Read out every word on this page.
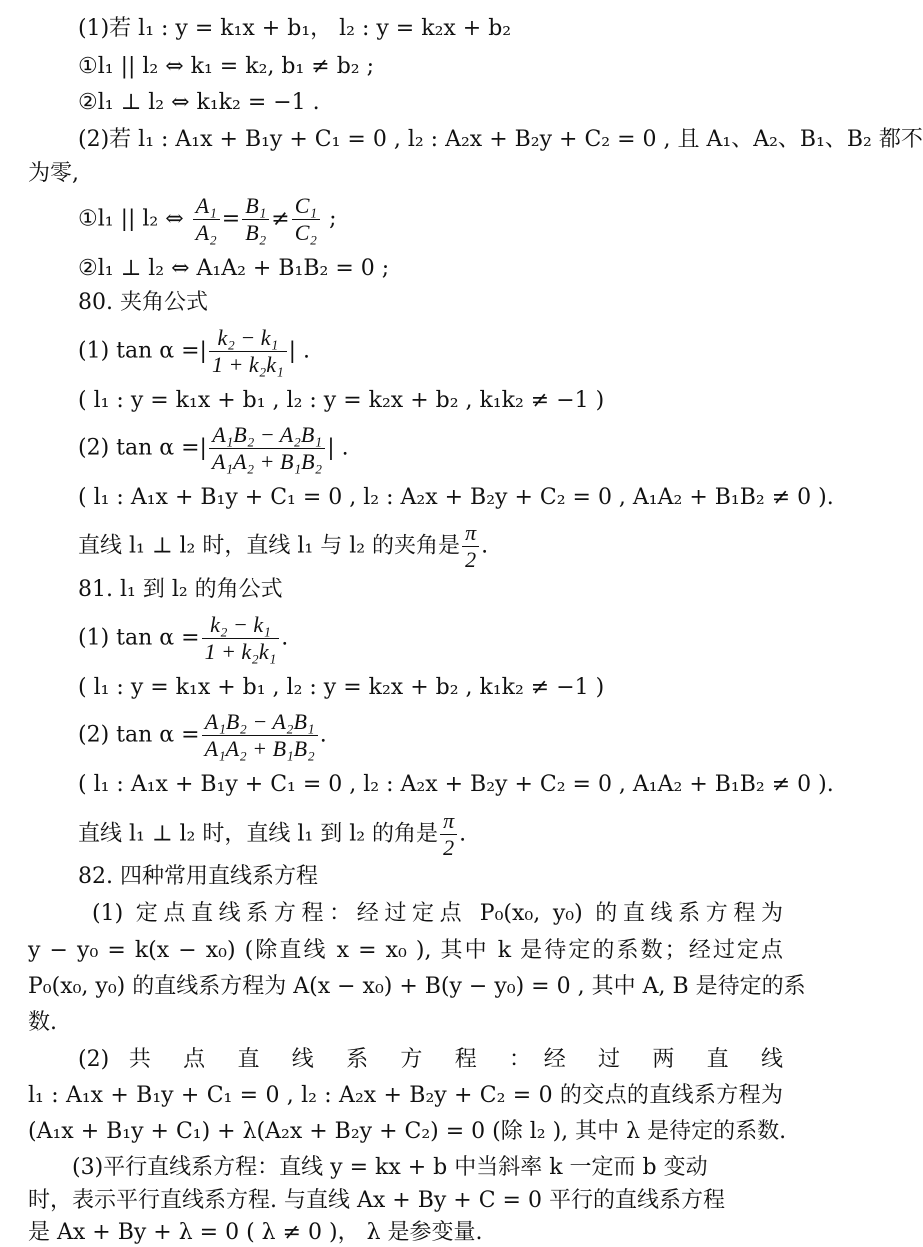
(1)若 l₁ : y = k₁x + b₁， l₂ : y = k₂x + b₂
①l₁ || l₂ ⇔ k₁ = k₂, b₁ ≠ b₂ ;
②l₁ ⊥ l₂ ⇔ k₁k₂ = −1 .
(2)若 l₁ : A₁x + B₁y + C₁ = 0 , l₂ : A₂x + B₂y + C₂ = 0 , 且 A₁、A₂、B₁、B₂ 都不
为零,
①l₁ || l₂ ⇔ $\frac{\text{A₁}}{\text{A₂}} = \frac{\text{B₁}}{\text{B₂}} \ne \frac{\text{C₁}}{\text{C₂}}$ ;
②l₁ ⊥ l₂ ⇔ A₁A₂ + B₁B₂ = 0 ;
80. 夹角公式
(1) tan α =| $\frac{\text{k₂ − k₁}}{\text{1 + k₂k₁}}$ | .
( l₁ : y = k₁x + b₁ , l₂ : y = k₂x + b₂ , k₁k₂ ≠ −1 )
(2) tan α =| $\frac{\text{A₁B₂ − A₂B₁}}{\text{A₁A₂ + B₁B₂}}$ | .
( l₁ : A₁x + B₁y + C₁ = 0 , l₂ : A₂x + B₂y + C₂ = 0 , A₁A₂ + B₁B₂ ≠ 0 ).
直线 l₁ ⊥ l₂ 时，直线 l₁ 与 l₂ 的夹角是 $\frac{\pi}{2}$ .
81. l₁ 到 l₂ 的角公式
(1) $\tan \alpha = \frac{\text{k₂ − k₁}}{\text{1 + k₂k₁}}$ .
( l₁ : y = k₁x + b₁ , l₂ : y = k₂x + b₂ , k₁k₂ ≠ −1 )
(2) $\tan \alpha = \frac{\text{A₁B₂ − A₂B₁}}{\text{A₁A₂ + B₁B₂}}$ .
( l₁ : A₁x + B₁y + C₁ = 0 , l₂ : A₂x + B₂y + C₂ = 0 , A₁A₂ + B₁B₂ ≠ 0 ).
直线 l₁ ⊥ l₂ 时，直线 l₁ 到 l₂ 的角是 $\frac{\pi}{2}$ .
82. 四种常用直线系方程
(1) 定点直线系方程：经过定点 P₀(x₀, y₀) 的直线系方程为
y − y₀ = k(x − x₀) (除直线 x = x₀ ), 其中 k 是待定的系数；经过定点
P₀(x₀, y₀) 的直线系方程为 A(x − x₀) + B(y − y₀) = 0 , 其中 A, B 是待定的系
数.
(2) 共 点 直 线 系 方 程 ：经 过 两 直 线
l₁ : A₁x + B₁y + C₁ = 0 , l₂ : A₂x + B₂y + C₂ = 0 的交点的直线系方程为
(A₁x + B₁y + C₁) + λ(A₂x + B₂y + C₂) = 0 (除 l₂ ), 其中 λ 是待定的系数.
(3)平行直线系方程：直线 y = kx + b 中当斜率 k 一定而 b 变动
时，表示平行直线系方程. 与直线 Ax + By + C = 0 平行的直线系方程
是 Ax + By + λ = 0 ( λ ≠ 0 )， λ 是参变量.
